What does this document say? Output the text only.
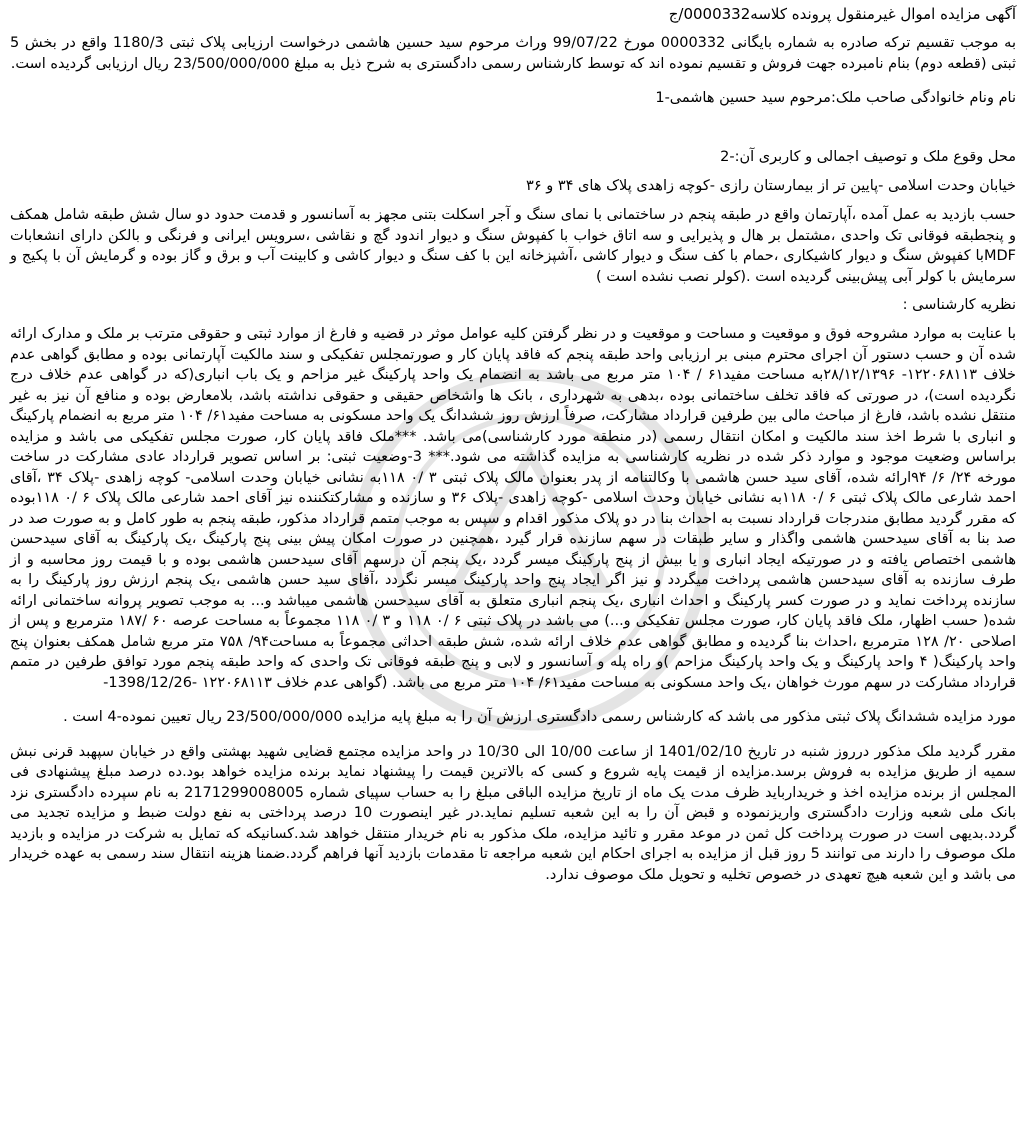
آگهی مزایده اموال غیرمنقول پرونده کلاسه0000332/ج

به موجب تقسیم ترکه صادره به شماره بایگانی 0000332 مورخ 99/07/22 وراث مرحوم سید حسین هاشمی درخواست ارزیابی پلاک ثبتی 1180/3 واقع در بخش 5 ثبتی (قطعه دوم) بنام نامبرده جهت فروش و تقسیم نموده اند که توسط کارشناس رسمی دادگستری به شرح ذیل به مبلغ 23/500/000/000 ریال ارزیابی گردیده است.

نام ونام خانوادگی صاحب ملک:مرحوم سید حسین هاشمی-1

محل وقوع ملک و توصیف اجمالی و کاربری آن:-2

خیابان وحدت اسلامی -پایین تر از بیمارستان رازی -کوچه زاهدی پلاک های ۳۴ و ۳۶

حسب بازدید به عمل آمده ،آپارتمان واقع در طبقه پنجم در ساختمانی با نمای سنگ و آجر اسکلت بتنی مجهز به آسانسور و قدمت حدود دو سال شش طبقه شامل همکف و پنجطبقه فوقانی تک واحدی ،مشتمل بر هال و پذیرایی و سه اتاق خواب با کفپوش سنگ و دیوار اندود گچ و نقاشی ،سرویس ایرانی و فرنگی و بالکن دارای انشعابات MDFبا کفپوش سنگ و دیوار کاشیکاری ،حمام با کف سنگ و دیوار کاشی ،آشپزخانه این با کف سنگ و دیوار کاشی و کابینت آب و برق و گاز بوده و گرمایش آن با پکیج و سرمایش با کولر آبی پیش‌بینی گردیده است .(کولر نصب نشده است )

نظریه کارشناسی :

با عنایت به موارد مشروحه فوق و موقعیت و مساحت و موقعیت و در نظر گرفتن کلیه عوامل موثر در قضیه و فارغ از موارد ثبتی و حقوقی مترتب بر ملک و مدارک ارائه شده آن و حسب دستور آن اجرای محترم مبنی بر ارزیابی واحد طبقه پنجم که فاقد پایان کار و صورتمجلس تفکیکی و سند مالکیت آپارتمانی بوده و مطابق گواهی عدم خلاف ۱۲۲۰۶۸۱۱۳- ۲۸/۱۲/۱۳۹۶به مساحت مفید۶۱ / ۱۰۴ متر مربع می باشد به انضمام یک واحد پارکینگ غیر مزاحم و یک باب انباری(که در گواهی عدم خلاف درج نگردیده است)، در صورتی که فاقد تخلف ساختمانی بوده ،بدهی به شهرداری ، بانک ها واشخاص حقیقی و حقوقی نداشته باشد، بلامعارض بوده و منافع آن نیز به غیر منتقل نشده باشد، فارغ از مباحث مالی بین طرفین قرارداد مشارکت، صرفاً ارزش روز ششدانگ یک واحد مسکونی به مساحت مفید۶۱/ ۱۰۴ متر مربع به انضمام پارکینگ و انباری با شرط اخذ سند مالکیت و امکان انتقال رسمی (در منطقه مورد کارشناسی)می باشد. ***ملک فاقد پایان کار، صورت مجلس تفکیکی می باشد و مزایده براساس وضعیت موجود و موارد ذکر شده در نظریه کارشناسی به مزایده گذاشته می شود.*** 3-وضعیت ثبتی: بر اساس تصویر قرارداد عادی مشارکت در ساخت مورخه ۲۴/ ۶/ ۹۴ارائه شده، آقای سید حسن هاشمی با وکالتنامه از پدر بعنوان مالک پلاک ثبتی ۳ /۰ ۱۱۸به نشانی خیابان وحدت اسلامی- کوچه زاهدی -پلاک ۳۴ ،آقای احمد شارعی مالک پلاک ثبتی ۶ /۰ ۱۱۸به نشانی خیابان وحدت اسلامی -کوچه زاهدی -پلاک ۳۶ و سازنده و مشارکتکننده نیز آقای احمد شارعی مالک پلاک ۶ /۰ ۱۱۸بوده که مقرر گردید مطابق مندرجات قرارداد نسبت به احداث بنا در دو پلاک مذکور اقدام و سپس به موجب متمم قرارداد مذکور، طبقه پنجم به طور کامل و به صورت صد در صد بنا به آقای سیدحسن هاشمی واگذار و سایر طبقات در سهم سازنده قرار گیرد ،همچنین در صورت امکان پیش بینی پنج پارکینگ ،یک پارکینگ به آقای سیدحسن هاشمی اختصاص یافته و در صورتیکه ایجاد انباری و یا بیش از پنج پارکینگ میسر گردد ،یک پنجم آن درسهم آقای سیدحسن هاشمی بوده و با قیمت روز محاسبه و از طرف سازنده به آقای سیدحسن هاشمی پرداخت میگردد و نیز اگر ایجاد پنج واحد پارکینگ میسر نگردد ،آقای سید حسن هاشمی ،یک پنجم ارزش روز پارکینگ را به سازنده پرداخت نماید و در صورت کسر پارکینگ و احداث انباری ،یک پنجم انباری متعلق به آقای سیدحسن هاشمی میباشد و... به موجب تصویر پروانه ساختمانی ارائه شده( حسب اظهار، ملک فاقد پایان کار، صورت مجلس تفکیکی و...) می باشد در پلاک ثبتی ۶ /۰ ۱۱۸ و ۳ /۰ ۱۱۸ مجموعاً به مساحت عرصه ۶۰ /۱۸۷ مترمربع و پس از اصلاحی ۲۰/ ۱۲۸ مترمربع ،احداث بنا گردیده و مطابق گواهی عدم خلاف ارائه شده، شش طبقه احداثی مجموعاً به مساحت۹۴/ ۷۵۸ متر مربع شامل همکف بعنوان پنج واحد پارکینگ( ۴ واحد پارکینگ و یک واحد پارکینگ مزاحم )و راه پله و آسانسور و لابی و پنج طبقه فوقانی تک واحدی که واحد طبقه پنجم مورد توافق طرفین در متمم قرارداد مشارکت در سهم مورث خواهان ،یک واحد مسکونی به مساحت مفید۶۱/ ۱۰۴ متر مربع می باشد. (گواهی عدم خلاف ۱۲۲۰۶۸۱۱۳ -1398/12/26-

مورد مزایده ششدانگ پلاک ثبتی مذکور می باشد که کارشناس رسمی دادگستری ارزش آن را به مبلغ پایه مزایده 23/500/000/000 ریال تعیین نموده-4 است .

مقرر گردید ملک مذکور درروز شنبه در تاریخ 1401/02/10 از ساعت 10/00 الی 10/30 در واحد مزایده مجتمع قضایی شهید بهشتی واقع در خیابان سپهبد قرنی نبش سمیه از طریق مزایده به فروش برسد.مزایده از قیمت پایه شروع و کسی که بالاترین قیمت را پیشنهاد نماید برنده مزایده خواهد بود.ده درصد مبلغ پیشنهادی فی المجلس از برنده مزایده اخذ و خریدارباید ظرف مدت یک ماه از تاریخ مزایده الباقی مبلغ را به حساب سپیای شماره 2171299008005 به نام سپرده دادگستری نزد بانک ملی شعبه وزارت دادگستری واریزنموده و قبض آن را به این شعبه تسلیم نماید.در غیر اینصورت 10 درصد پرداختی به نفع دولت ضبط و مزایده تجدید می گردد.بدیهی است در صورت پرداخت کل ثمن در موعد مقرر و تائید مزایده، ملک مذکور به نام خریدار منتقل خواهد شد.کسانیکه که تمایل به شرکت در مزایده و بازدید ملک موصوف را دارند می توانند 5 روز قبل از مزایده به اجرای احکام این شعبه مراجعه تا مقدمات بازدید آنها فراهم گردد.ضمنا هزینه انتقال سند رسمی به عهده خریدار می باشد و این شعبه هیچ تعهدی در خصوص تخلیه و تحویل ملک موصوف ندارد.
